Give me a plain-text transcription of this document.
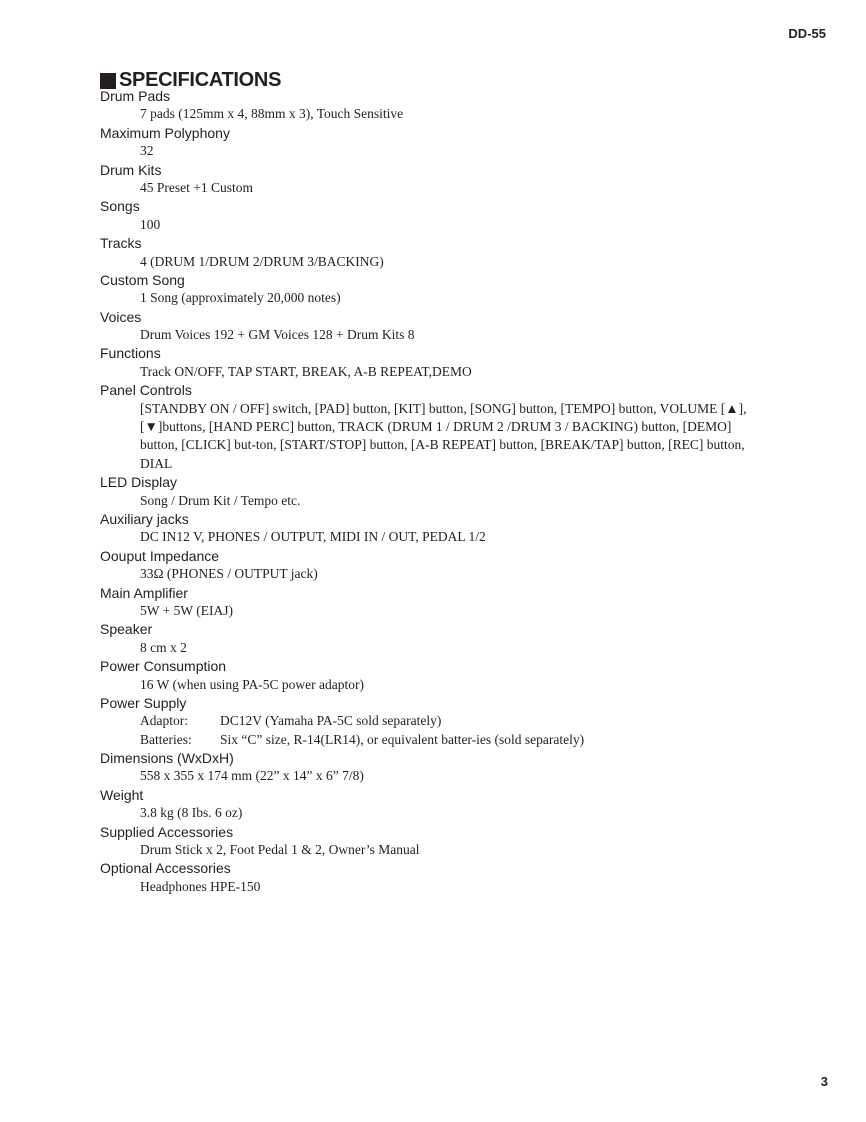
DD-55
SPECIFICATIONS
Drum Pads
7 pads (125mm x 4, 88mm x 3), Touch Sensitive
Maximum Polyphony
32
Drum Kits
45 Preset +1 Custom
Songs
100
Tracks
4 (DRUM 1/DRUM 2/DRUM 3/BACKING)
Custom Song
1 Song (approximately 20,000 notes)
Voices
Drum Voices 192 + GM Voices 128 + Drum Kits 8
Functions
Track ON/OFF, TAP START, BREAK, A-B REPEAT,DEMO
Panel Controls
[STANDBY ON / OFF] switch, [PAD] button, [KIT] button, [SONG] button, [TEMPO] button, VOLUME [▲],
[▼]buttons, [HAND PERC] button, TRACK (DRUM 1 / DRUM 2 /DRUM 3 / BACKING) button, [DEMO]
button, [CLICK] but-ton, [START/STOP] button, [A-B REPEAT] button, [BREAK/TAP] button, [REC] button,
DIAL
LED Display
Song / Drum Kit / Tempo etc.
Auxiliary jacks
DC IN12 V, PHONES / OUTPUT, MIDI IN / OUT, PEDAL 1/2
Oouput Impedance
33Ω (PHONES / OUTPUT jack)
Main Amplifier
5W + 5W (EIAJ)
Speaker
8 cm x 2
Power Consumption
16 W (when using PA-5C power adaptor)
Power Supply
Adaptor: DC12V (Yamaha PA-5C sold separately)
Batteries: Six “C” size, R-14(LR14), or equivalent batter-ies (sold separately)
Dimensions (WxDxH)
558 x 355 x 174 mm (22” x 14” x 6” 7/8)
Weight
3.8 kg (8 Ibs. 6 oz)
Supplied Accessories
Drum Stick x 2, Foot Pedal 1 & 2, Owner’s Manual
Optional Accessories
Headphones HPE-150
3
